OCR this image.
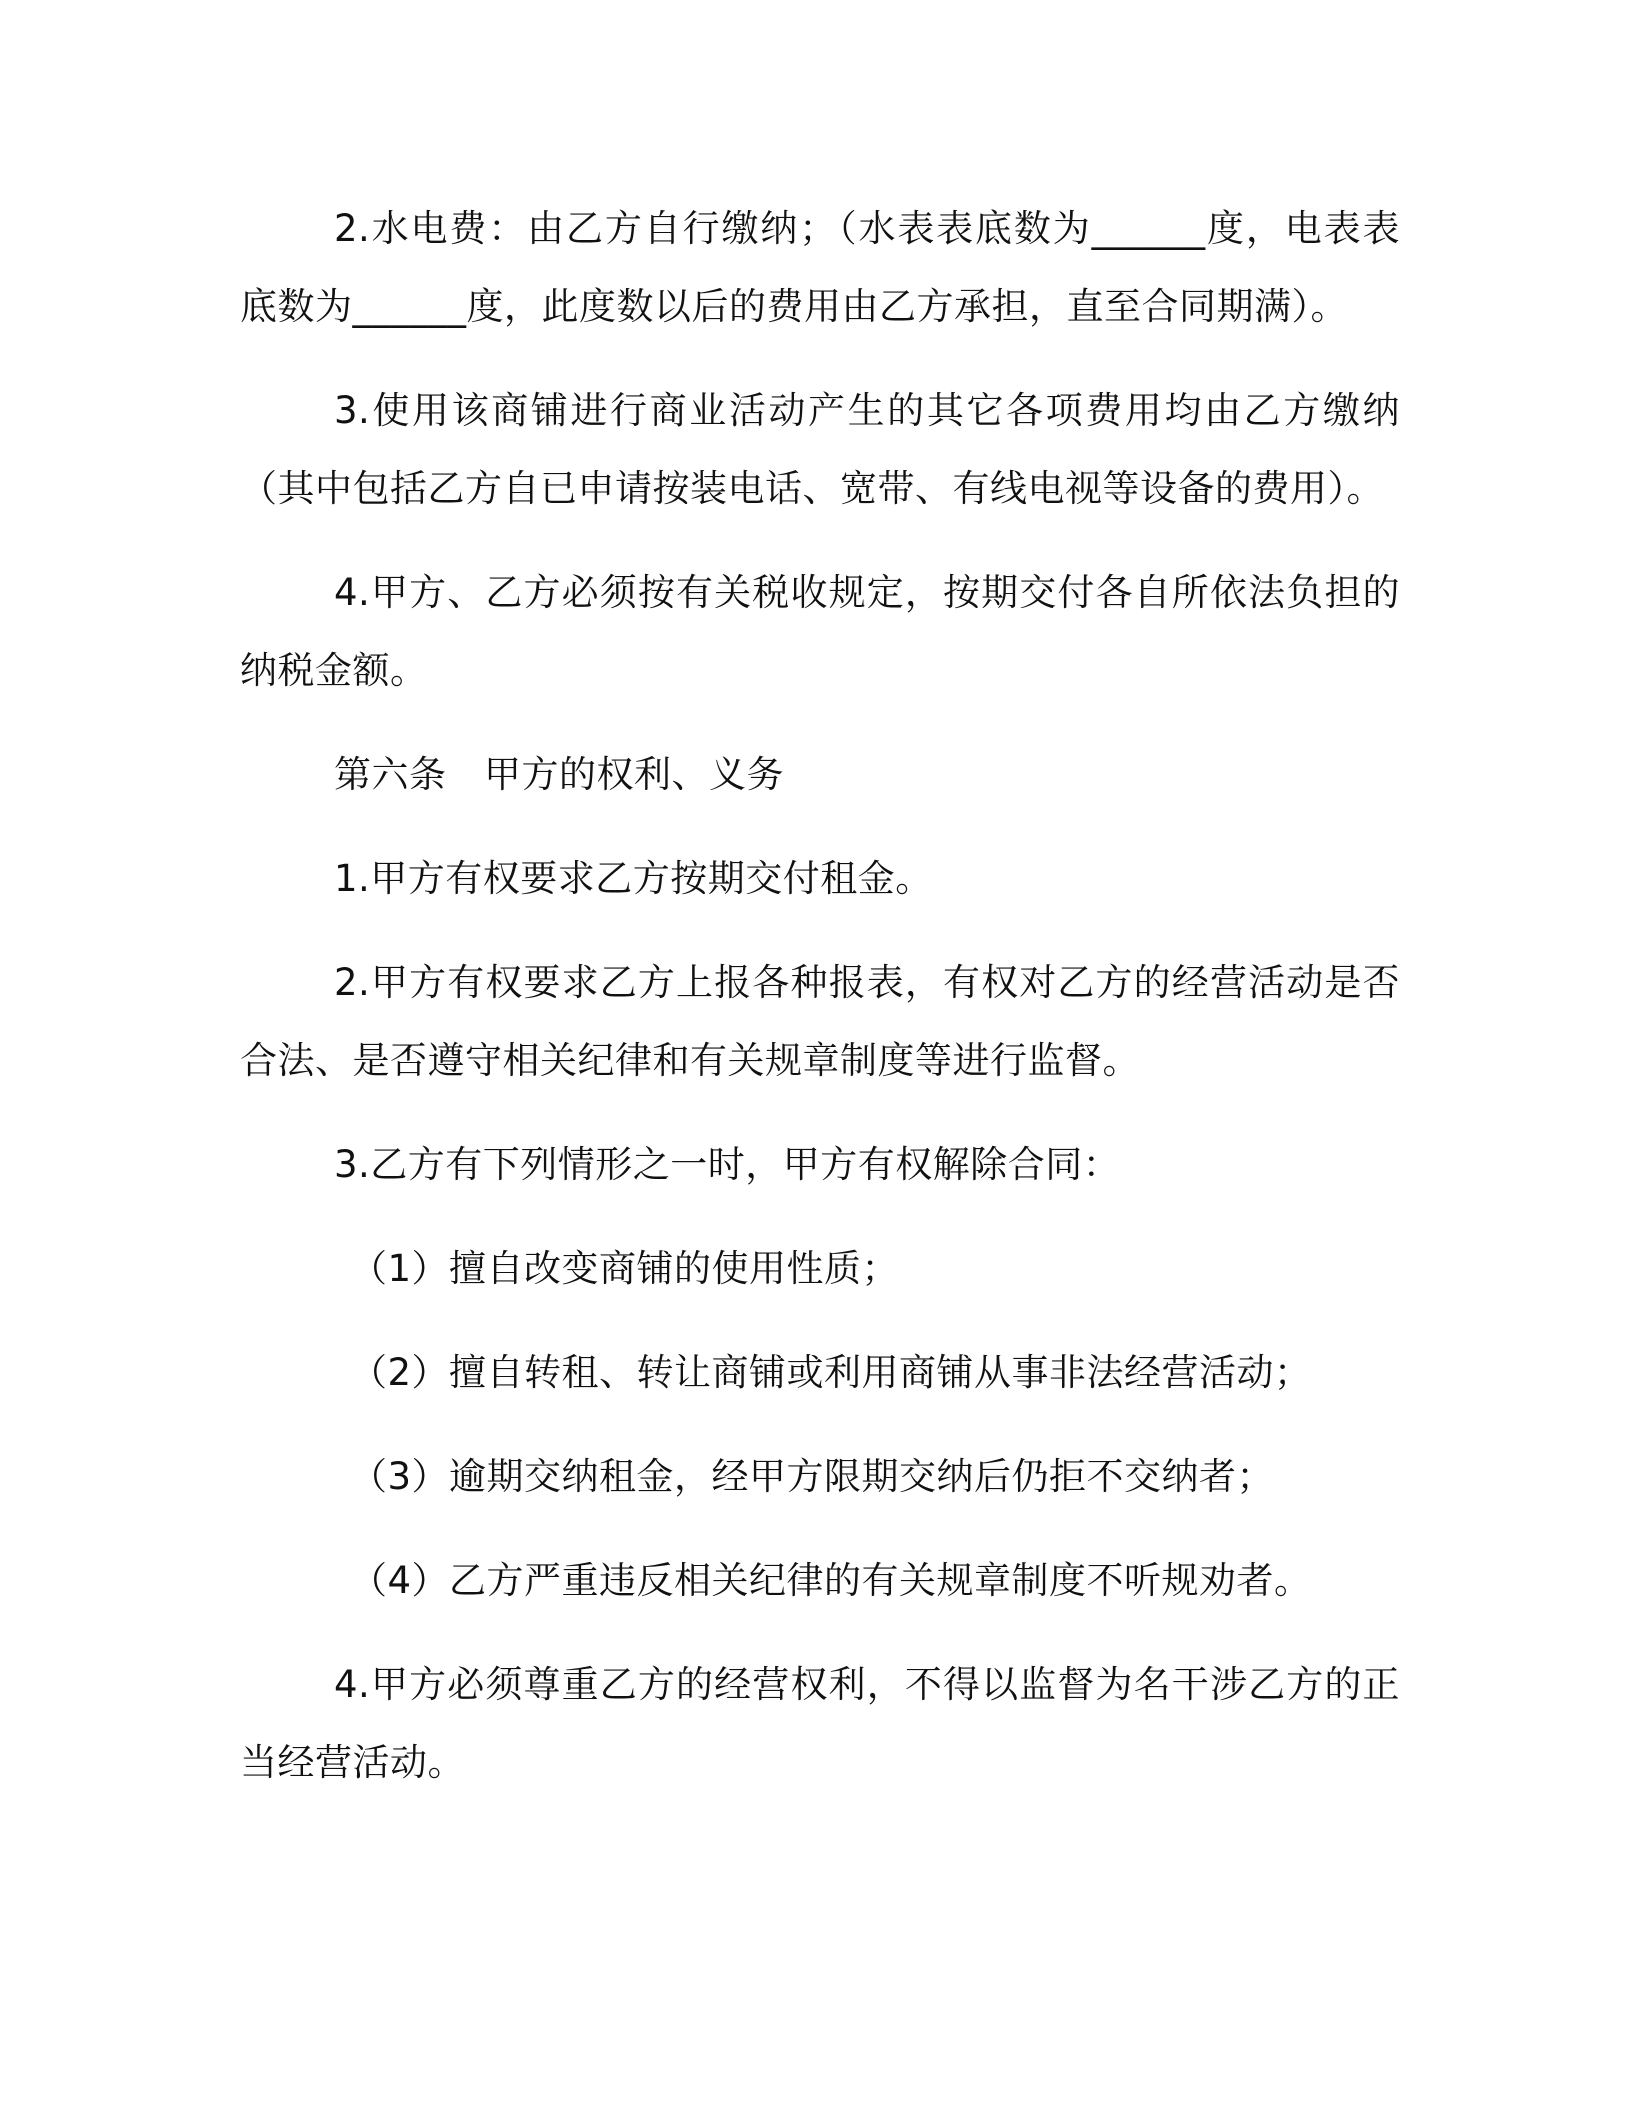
2.水电费：由乙方自行缴纳；（水表表底数为______度，电表表底数为______度，此度数以后的费用由乙方承担，直至合同期满）。

3.使用该商铺进行商业活动产生的其它各项费用均由乙方缴纳（其中包括乙方自已申请按装电话、宽带、有线电视等设备的费用）。

4.甲方、乙方必须按有关税收规定，按期交付各自所依法负担的纳税金额。

第六条　甲方的权利、义务

1.甲方有权要求乙方按期交付租金。

2.甲方有权要求乙方上报各种报表，有权对乙方的经营活动是否合法、是否遵守相关纪律和有关规章制度等进行监督。

3.乙方有下列情形之一时，甲方有权解除合同：

（1）擅自改变商铺的使用性质；

（2）擅自转租、转让商铺或利用商铺从事非法经营活动；

（3）逾期交纳租金，经甲方限期交纳后仍拒不交纳者；

（4）乙方严重违反相关纪律的有关规章制度不听规劝者。

4.甲方必须尊重乙方的经营权利，不得以监督为名干涉乙方的正当经营活动。
